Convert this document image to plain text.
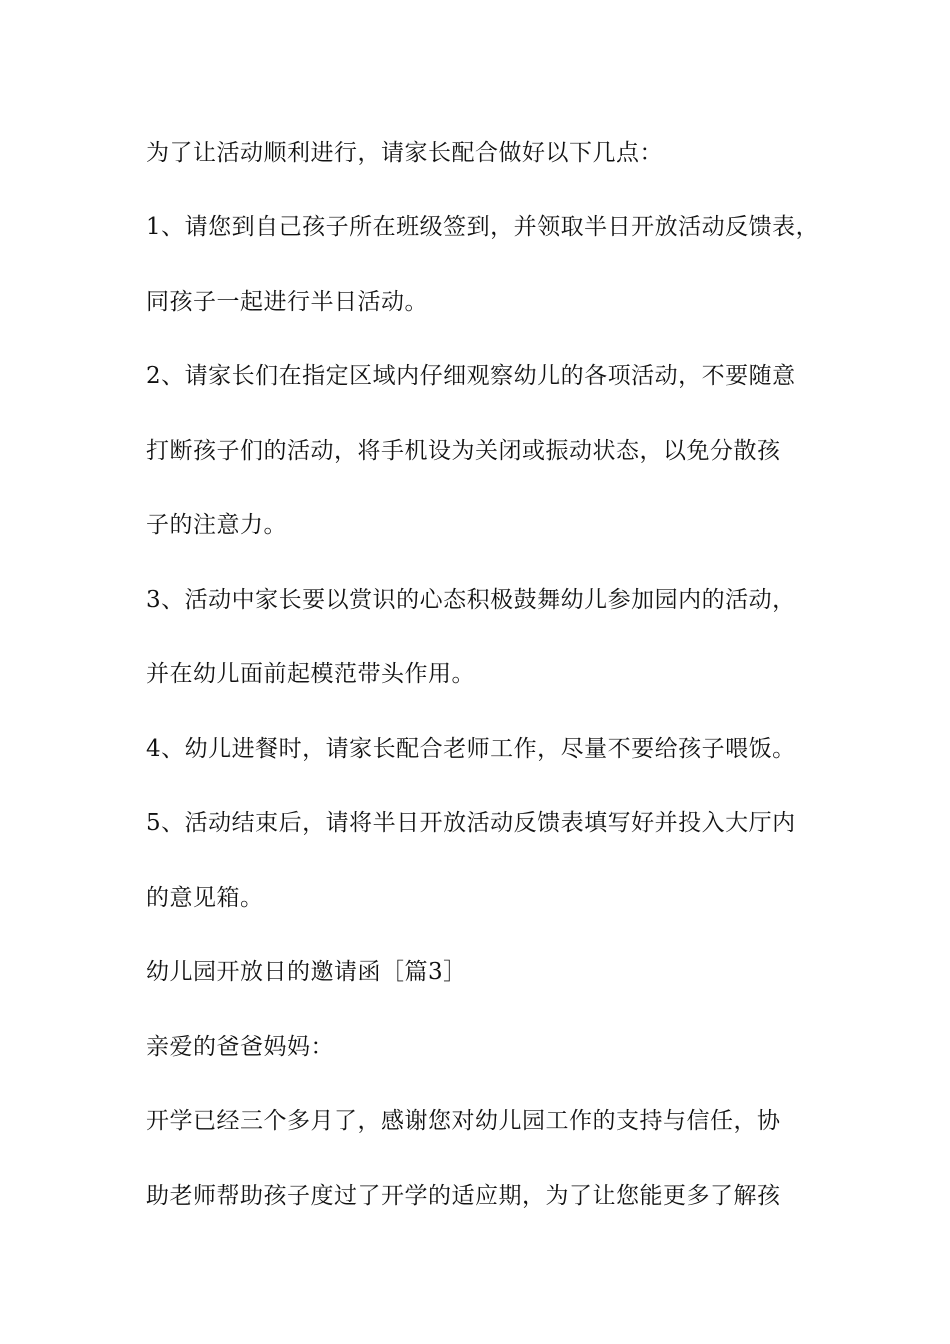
为了让活动顺利进行，请家长配合做好以下几点：
1、请您到自己孩子所在班级签到，并领取半日开放活动反馈表，
同孩子一起进行半日活动。
2、请家长们在指定区域内仔细观察幼儿的各项活动，不要随意
打断孩子们的活动，将手机设为关闭或振动状态，以免分散孩
子的注意力。
3、活动中家长要以赏识的心态积极鼓舞幼儿参加园内的活动，
并在幼儿面前起模范带头作用。
4、幼儿进餐时，请家长配合老师工作，尽量不要给孩子喂饭。
5、活动结束后，请将半日开放活动反馈表填写好并投入大厅内
的意见箱。
幼儿园开放日的邀请函［篇3］
亲爱的爸爸妈妈：
开学已经三个多月了，感谢您对幼儿园工作的支持与信任，协
助老师帮助孩子度过了开学的适应期，为了让您能更多了解孩
